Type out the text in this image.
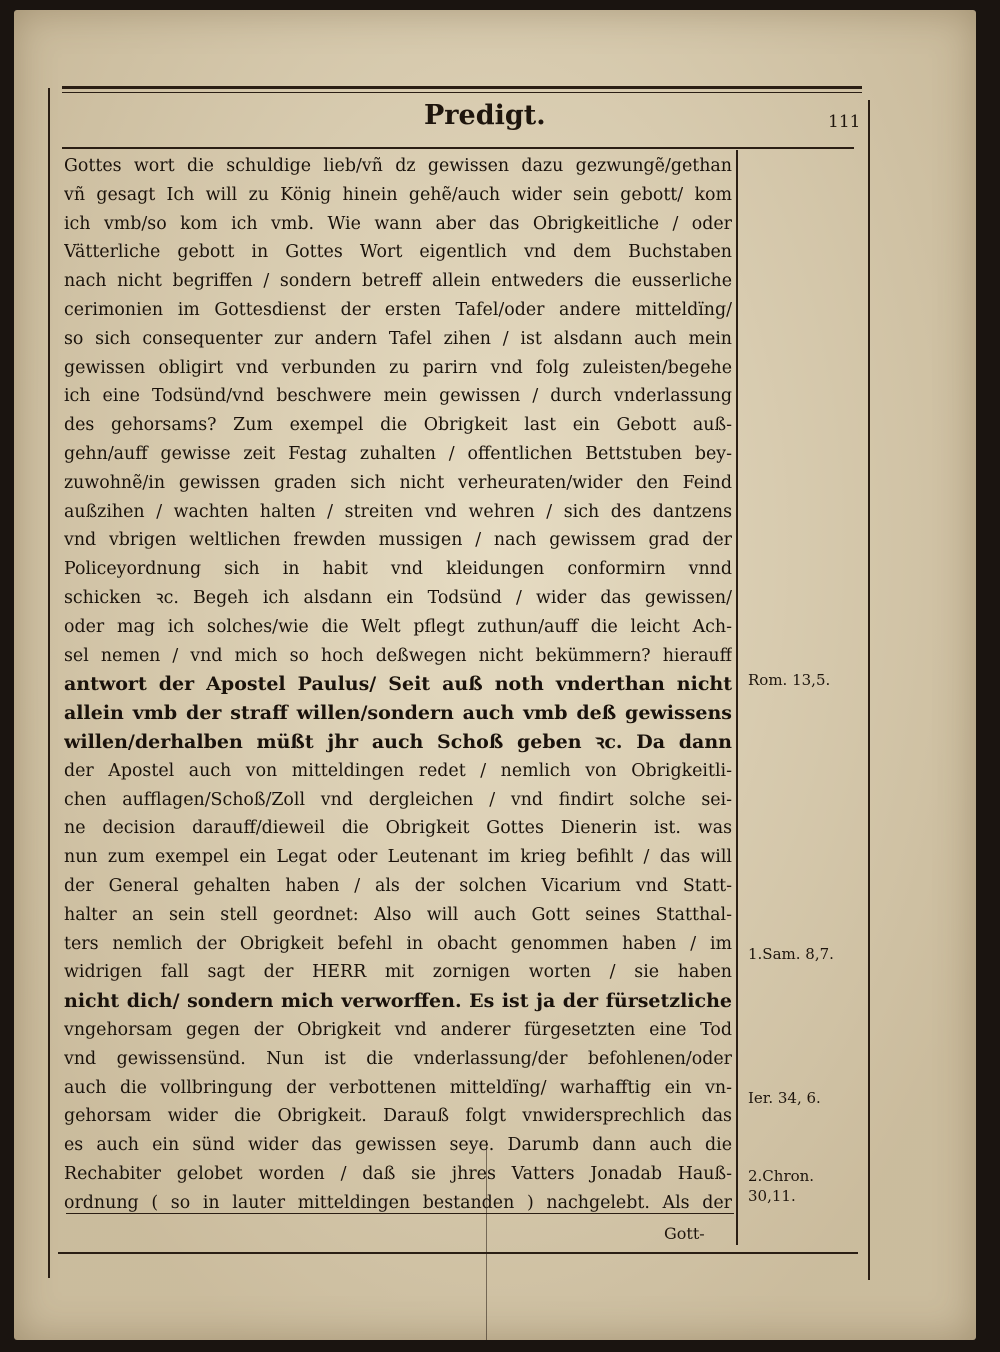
Predigt.	111
Gottes wort die schuldige lieb/vñ dz gewissen dazu gezwungẽ/gethan
vñ gesagt Ich will zu König hinein gehẽ/auch wider sein gebott/ kom
ich vmb/so kom ich vmb. Wie wann aber das Obrigkeitliche / oder
Vätterliche gebott in Gottes Wort eigentlich vnd dem Buchstaben
nach nicht begriffen / sondern betreff allein entweders die eusserliche
cerimonien im Gottesdienst der ersten Tafel/oder andere mitteldïng/
so sich consequenter zur andern Tafel zihen / ist alsdann auch mein
gewissen obligirt vnd verbunden zu parirn vnd folg zuleisten/begehe
ich eine Todsünd/vnd beschwere mein gewissen / durch vnderlassung
des gehorsams? Zum exempel die Obrigkeit last ein Gebott auß-
gehn/auff gewisse zeit Festag zuhalten / offentlichen Bettstuben bey-
zuwohnẽ/in gewissen graden sich nicht verheuraten/wider den Feind
außzihen / wachten halten / streiten vnd wehren / sich des dantzens
vnd vbrigen weltlichen frewden mussigen / nach gewissem grad der
Policeyordnung sich in habit vnd kleidungen conformirn vnnd
schicken ꝛc. Begeh ich alsdann ein Todsünd / wider das gewissen/
oder mag ich solches/wie die Welt pflegt zuthun/auff die leicht Ach-
sel nemen / vnd mich so hoch deßwegen nicht bekümmern? hierauff
antwort der Apostel Paulus/ Seit auß noth vnderthan nicht
allein vmb der straff willen/sondern auch vmb deß gewissens
willen/derhalben müßt jhr auch Schoß geben ꝛc. Da dann
der Apostel auch von mitteldingen redet / nemlich von Obrigkeitli-
chen aufflagen/Schoß/Zoll vnd dergleichen / vnd findirt solche sei-
ne decision darauff/dieweil die Obrigkeit Gottes Dienerin ist. was
nun zum exempel ein Legat oder Leutenant im krieg befihlt / das will
der General gehalten haben / als der solchen Vicarium vnd Statt-
halter an sein stell geordnet: Also will auch Gott seines Statthal-
ters nemlich der Obrigkeit befehl in obacht genommen haben / im
widrigen fall sagt der HERR mit zornigen worten / sie haben
nicht dich/ sondern mich verworffen. Es ist ja der fürsetzliche
vngehorsam gegen der Obrigkeit vnd anderer fürgesetzten eine Tod
vnd gewissensünd. Nun ist die vnderlassung/der befohlenen/oder
auch die vollbringung der verbottenen mitteldïng/ warhafftig ein vn-
gehorsam wider die Obrigkeit. Darauß folgt vnwidersprechlich das
es auch ein sünd wider das gewissen seye. Darumb dann auch die
Rechabiter gelobet worden / daß sie jhres Vatters Jonadab Hauß-
ordnung ( so in lauter mitteldingen bestanden ) nachgelebt. Als der
Rom. 13,5.
1.Sam. 8,7.
Ier. 34, 6.
2.Chron. 30,11.
Gott-
